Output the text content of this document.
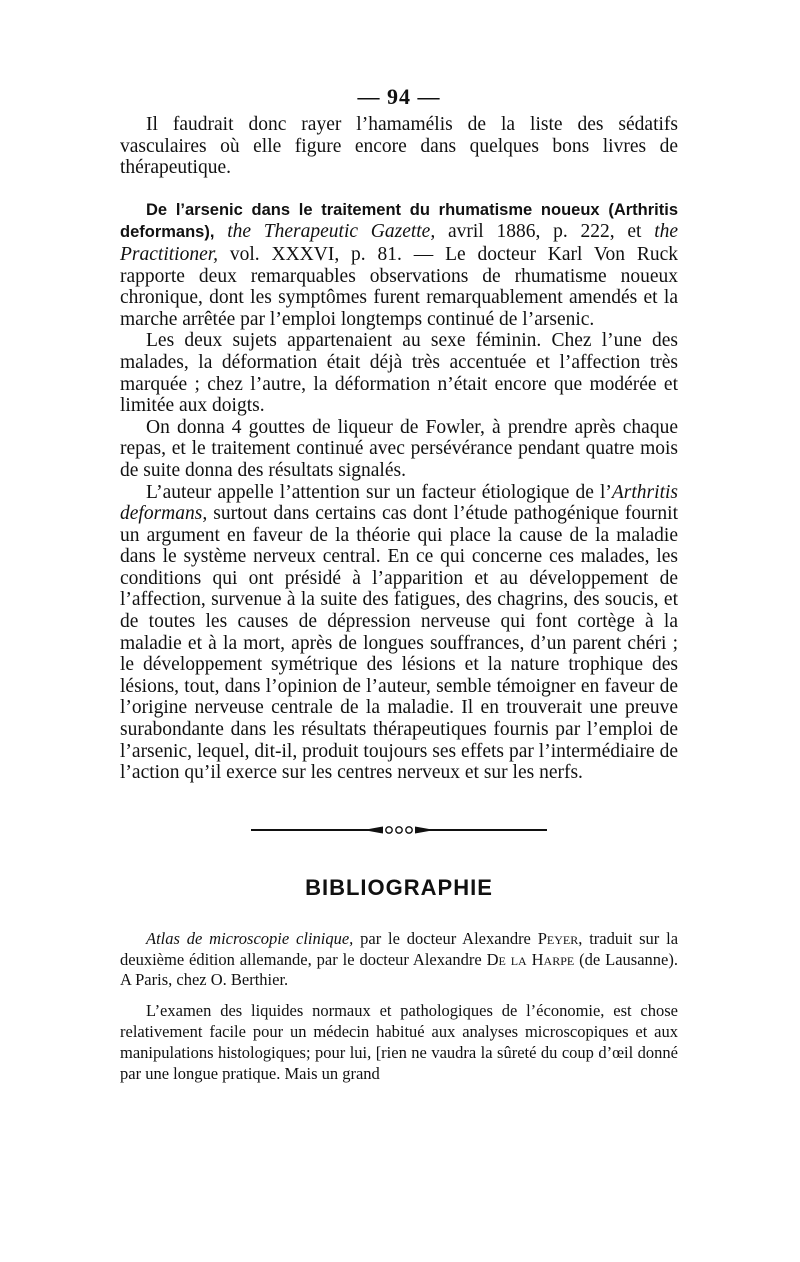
— 94 —

Il faudrait donc rayer l’hamamélis de la liste des sédatifs vasculaires où elle figure encore dans quelques bons livres de thérapeutique.

De l’arsenic dans le traitement du rhumatisme noueux (Arthritis deformans), the Therapeutic Gazette, avril 1886, p. 222, et the Practitioner, vol. XXXVI, p. 81. — Le docteur Karl Von Ruck rapporte deux remarquables observations de rhumatisme noueux chronique, dont les symptômes furent remarquablement amendés et la marche arrêtée par l’emploi longtemps continué de l’arsenic.

Les deux sujets appartenaient au sexe féminin. Chez l’une des malades, la déformation était déjà très accentuée et l’affection très marquée ; chez l’autre, la déformation n’était encore que modérée et limitée aux doigts.

On donna 4 gouttes de liqueur de Fowler, à prendre après chaque repas, et le traitement continué avec persévérance pendant quatre mois de suite donna des résultats signalés.

L’auteur appelle l’attention sur un facteur étiologique de l’Arthritis deformans, surtout dans certains cas dont l’étude pathogénique fournit un argument en faveur de la théorie qui place la cause de la maladie dans le système nerveux central. En ce qui concerne ces malades, les conditions qui ont présidé à l’apparition et au développement de l’affection, survenue à la suite des fatigues, des chagrins, des soucis, et de toutes les causes de dépression nerveuse qui font cortège à la maladie et à la mort, après de longues souffrances, d’un parent chéri ; le développement symétrique des lésions et la nature trophique des lésions, tout, dans l’opinion de l’auteur, semble témoigner en faveur de l’origine nerveuse centrale de la maladie. Il en trouverait une preuve surabondante dans les résultats thérapeutiques fournis par l’emploi de l’arsenic, lequel, dit-il, produit toujours ses effets par l’intermédiaire de l’action qu’il exerce sur les centres nerveux et sur les nerfs.

BIBLIOGRAPHIE

Atlas de microscopie clinique, par le docteur Alexandre Peyer, traduit sur la deuxième édition allemande, par le docteur Alexandre De la Harpe (de Lausanne). A Paris, chez O. Berthier.

L’examen des liquides normaux et pathologiques de l’économie, est chose relativement facile pour un médecin habitué aux analyses microscopiques et aux manipulations histologiques; pour lui, [rien ne vaudra la sûreté du coup d’œil donné par une longue pratique. Mais un grand
